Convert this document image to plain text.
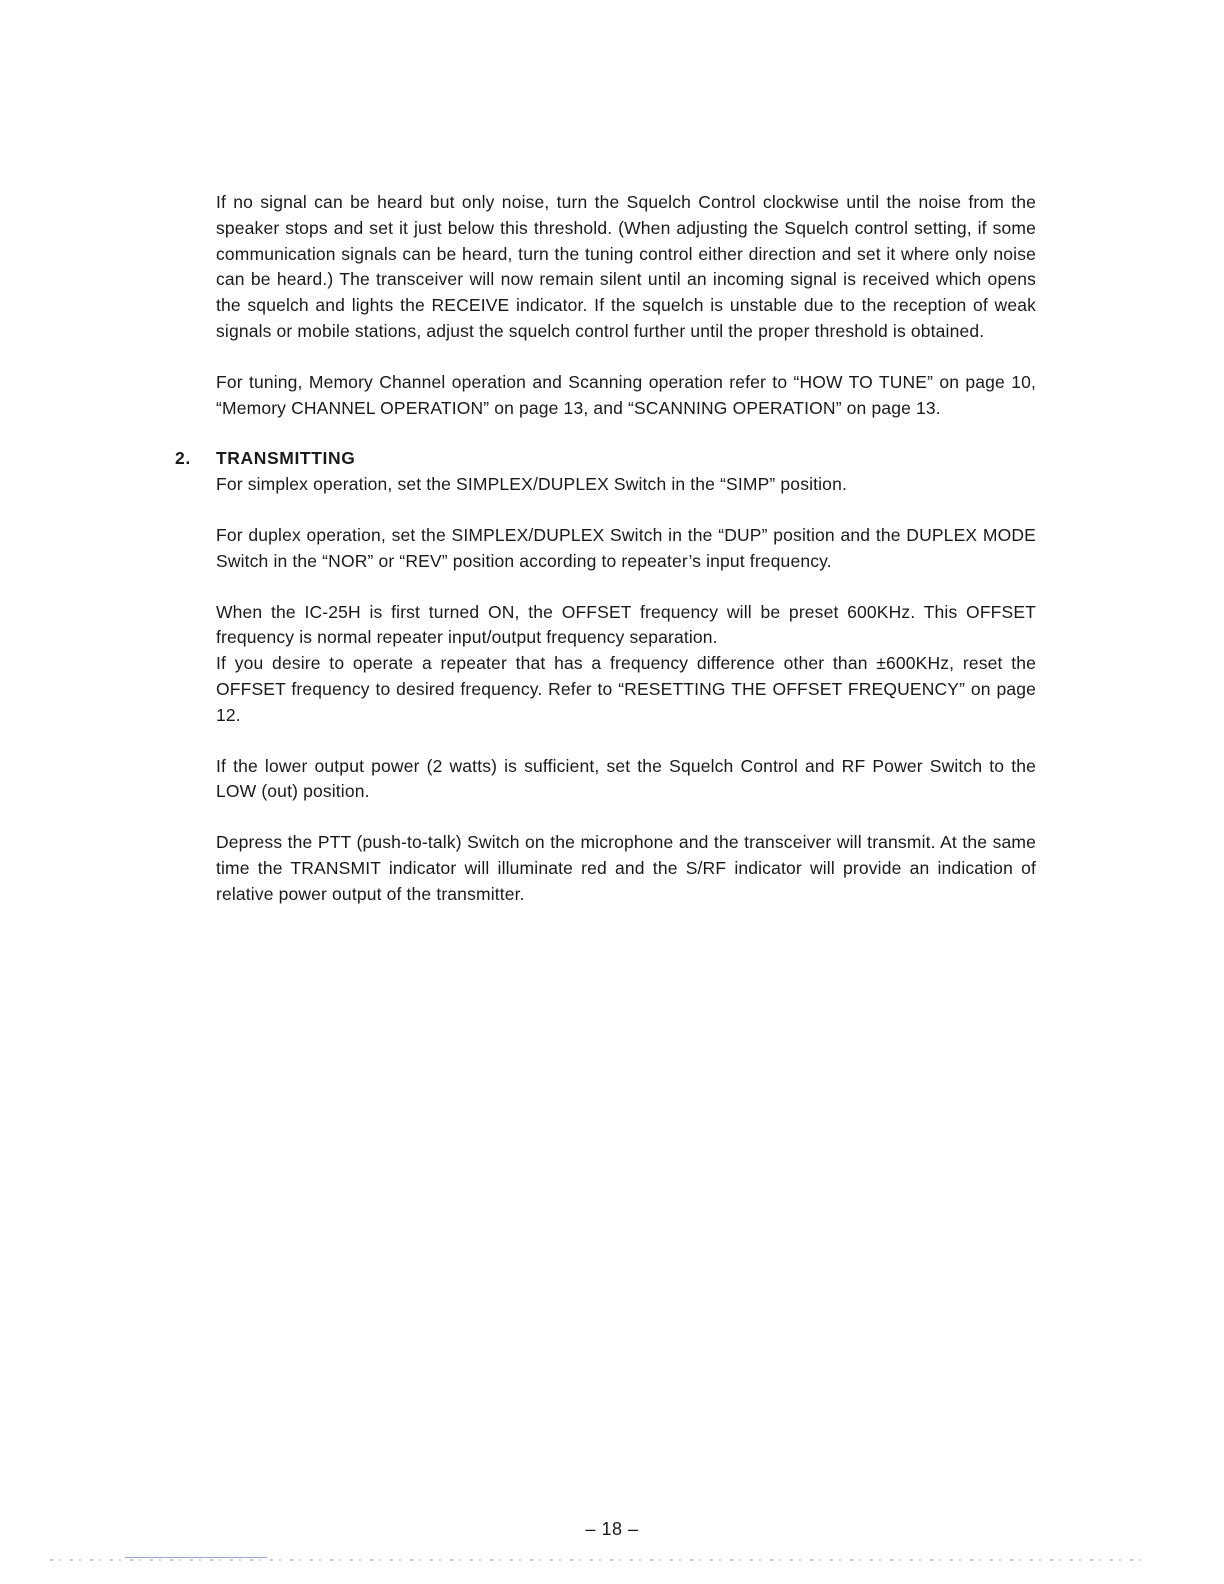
If no signal can be heard but only noise, turn the Squelch Control clockwise until the noise from the speaker stops and set it just below this threshold. (When adjusting the Squelch control setting, if some communication signals can be heard, turn the tuning control either direction and set it where only noise can be heard.) The transceiver will now remain silent until an incoming signal is received which opens the squelch and lights the RECEIVE indicator. If the squelch is unstable due to the reception of weak signals or mobile stations, adjust the squelch control further until the proper threshold is obtained.

For tuning, Memory Channel operation and Scanning operation refer to “HOW TO TUNE” on page 10, “Memory CHANNEL OPERATION” on page 13, and “SCANNING OPERATION” on page 13.

2. TRANSMITTING

For simplex operation, set the SIMPLEX/DUPLEX Switch in the “SIMP” position.

For duplex operation, set the SIMPLEX/DUPLEX Switch in the “DUP” position and the DUPLEX MODE Switch in the “NOR” or “REV” position according to repeater’s input frequency.

When the IC-25H is first turned ON, the OFFSET frequency will be preset 600KHz. This OFFSET frequency is normal repeater input/output frequency separation.

If you desire to operate a repeater that has a frequency difference other than ±600KHz, reset the OFFSET frequency to desired frequency. Refer to “RESETTING THE OFFSET FREQUENCY” on page 12.

If the lower output power (2 watts) is sufficient, set the Squelch Control and RF Power Switch to the LOW (out) position.

Depress the PTT (push-to-talk) Switch on the microphone and the transceiver will transmit. At the same time the TRANSMIT indicator will illuminate red and the S/RF indicator will provide an indication of relative power output of the transmitter.

– 18 –
